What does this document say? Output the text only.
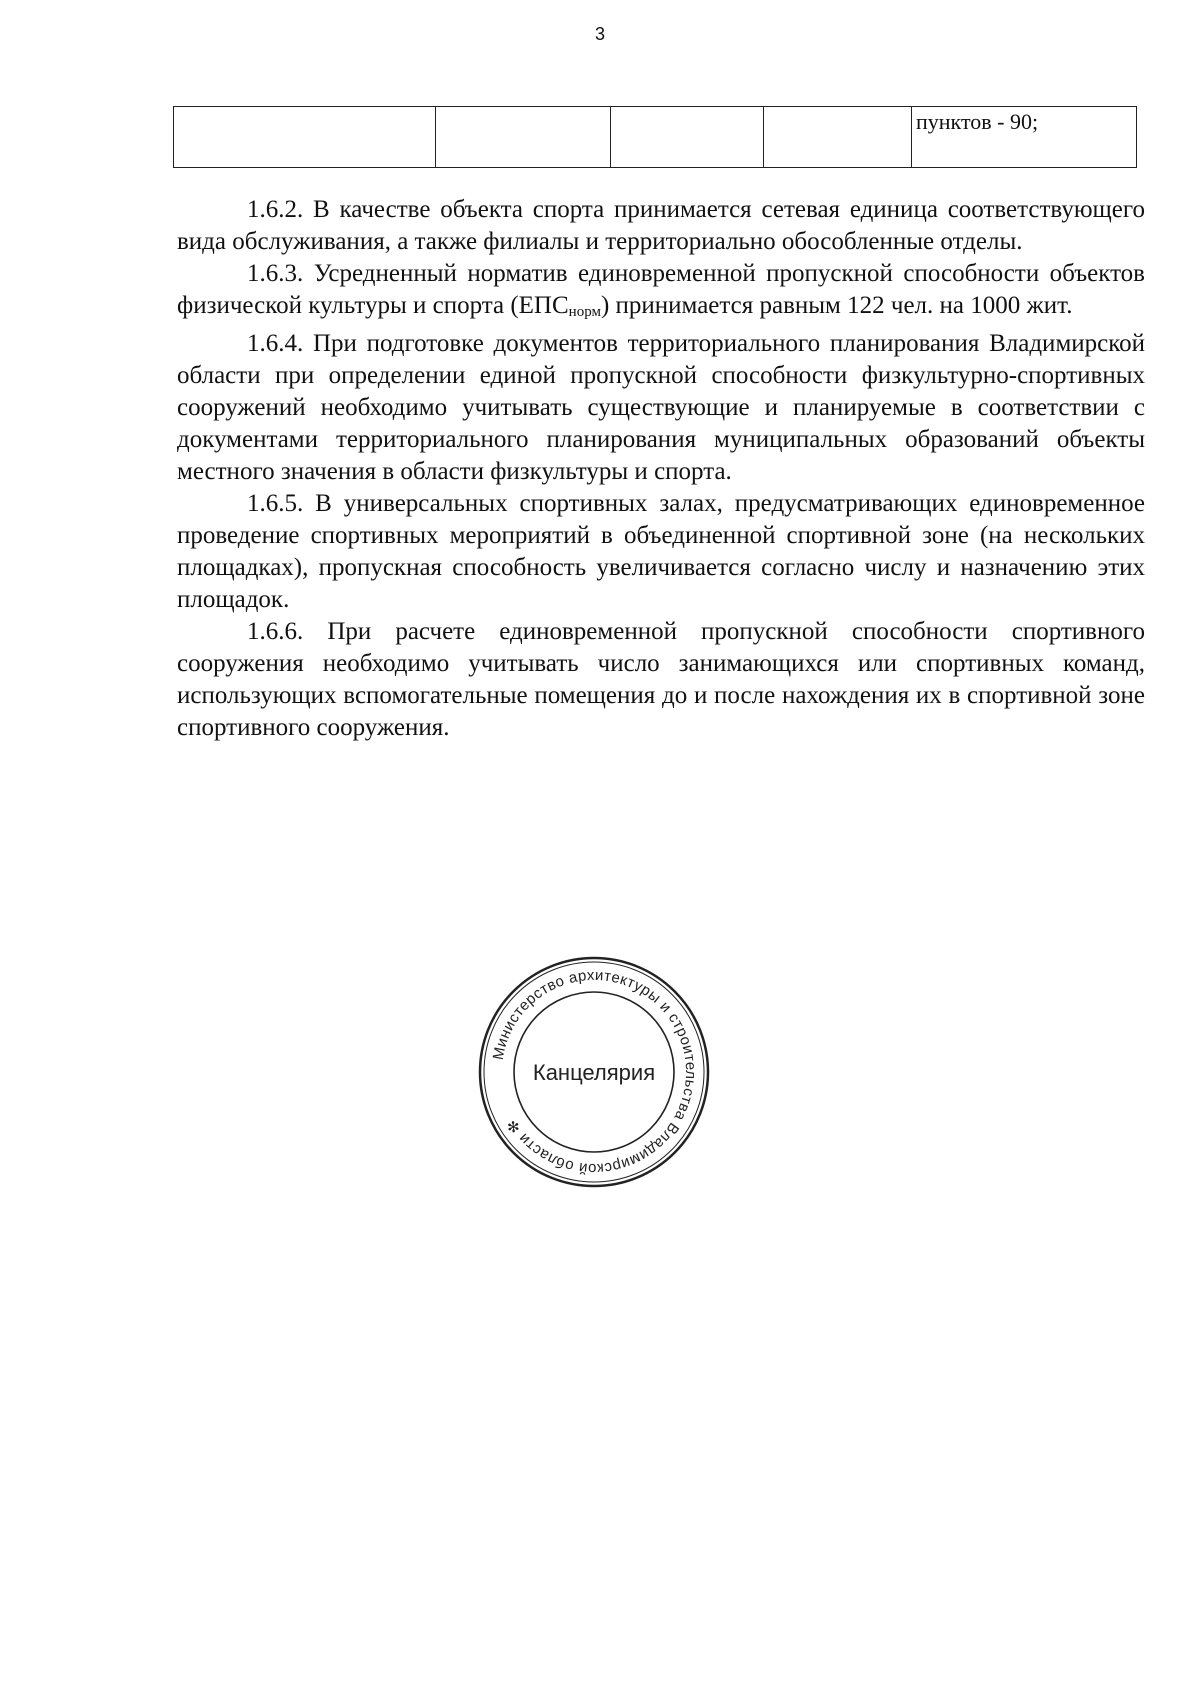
3
				пунктов - 90;

1.6.2. В качестве объекта спорта принимается сетевая единица соответствующего вида обслуживания, а также филиалы и территориально обособленные отделы.

1.6.3. Усредненный норматив единовременной пропускной способности объектов физической культуры и спорта $(ЕПС_{норм})$ принимается равным 122 чел. на 1000 жит.

1.6.4. При подготовке документов территориального планирования Владимирской области при определении единой пропускной способности физкультурно-спортивных сооружений необходимо учитывать существующие и планируемые в соответствии с документами территориального планирования муниципальных образований объекты местного значения в области физкультуры и спорта.

1.6.5. В универсальных спортивных залах, предусматривающих единовременное проведение спортивных мероприятий в объединенной спортивной зоне (на нескольких площадках), пропускная способность увеличивается согласно числу и назначению этих площадок.

1.6.6. При расчете единовременной пропускной способности спортивного сооружения необходимо учитывать число занимающихся или спортивных команд, использующих вспомогательные помещения до и после нахождения их в спортивной зоне спортивного сооружения.

Министерство архитектуры и строительства Владимирской области ✻
Канцелярия
